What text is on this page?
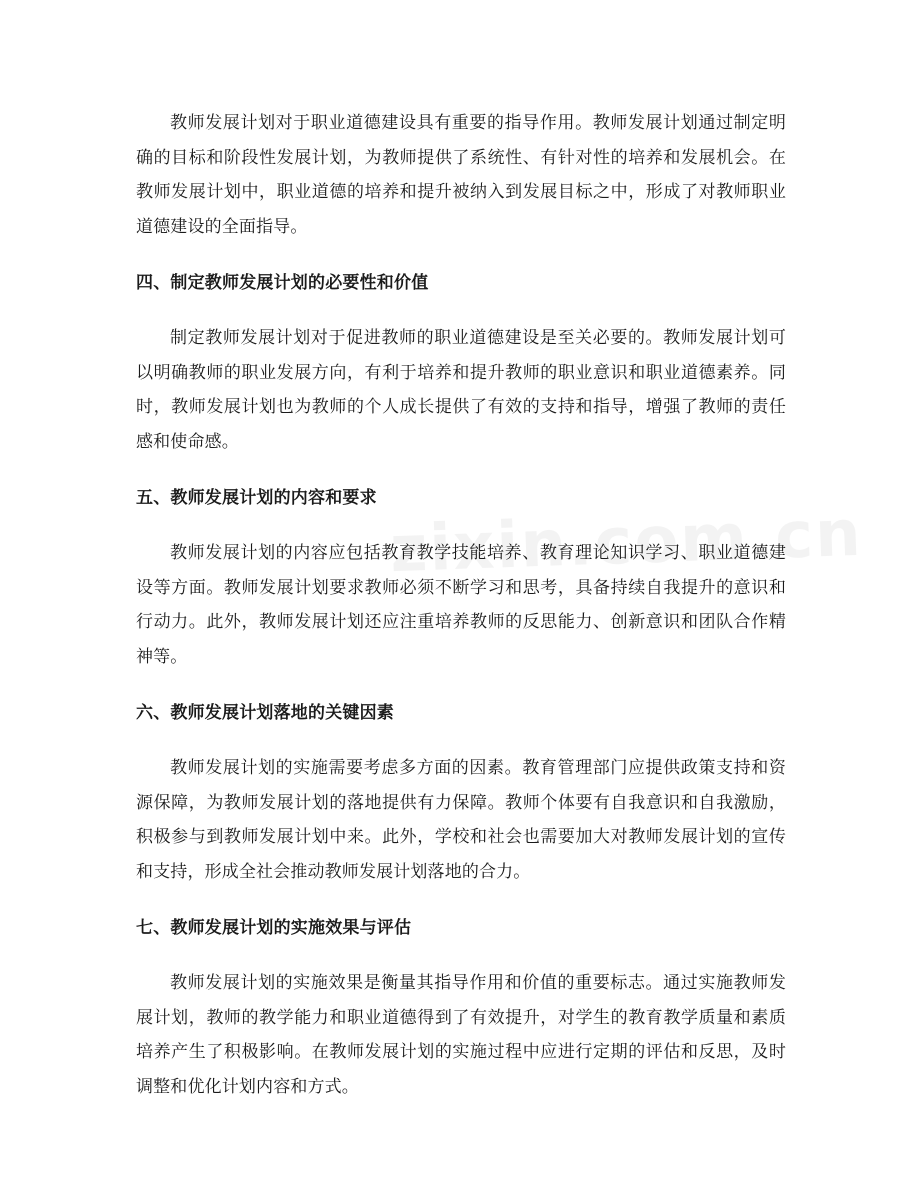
教师发展计划对于职业道德建设具有重要的指导作用。教师发展计划通过制定明确的目标和阶段性发展计划，为教师提供了系统性、有针对性的培养和发展机会。在教师发展计划中，职业道德的培养和提升被纳入到发展目标之中，形成了对教师职业道德建设的全面指导。

四、制定教师发展计划的必要性和价值

制定教师发展计划对于促进教师的职业道德建设是至关必要的。教师发展计划可以明确教师的职业发展方向，有利于培养和提升教师的职业意识和职业道德素养。同时，教师发展计划也为教师的个人成长提供了有效的支持和指导，增强了教师的责任感和使命感。

五、教师发展计划的内容和要求

教师发展计划的内容应包括教育教学技能培养、教育理论知识学习、职业道德建设等方面。教师发展计划要求教师必须不断学习和思考，具备持续自我提升的意识和行动力。此外，教师发展计划还应注重培养教师的反思能力、创新意识和团队合作精神等。

六、教师发展计划落地的关键因素

教师发展计划的实施需要考虑多方面的因素。教育管理部门应提供政策支持和资源保障，为教师发展计划的落地提供有力保障。教师个体要有自我意识和自我激励，积极参与到教师发展计划中来。此外，学校和社会也需要加大对教师发展计划的宣传和支持，形成全社会推动教师发展计划落地的合力。

七、教师发展计划的实施效果与评估

教师发展计划的实施效果是衡量其指导作用和价值的重要标志。通过实施教师发展计划，教师的教学能力和职业道德得到了有效提升，对学生的教育教学质量和素质培养产生了积极影响。在教师发展计划的实施过程中应进行定期的评估和反思，及时调整和优化计划内容和方式。
